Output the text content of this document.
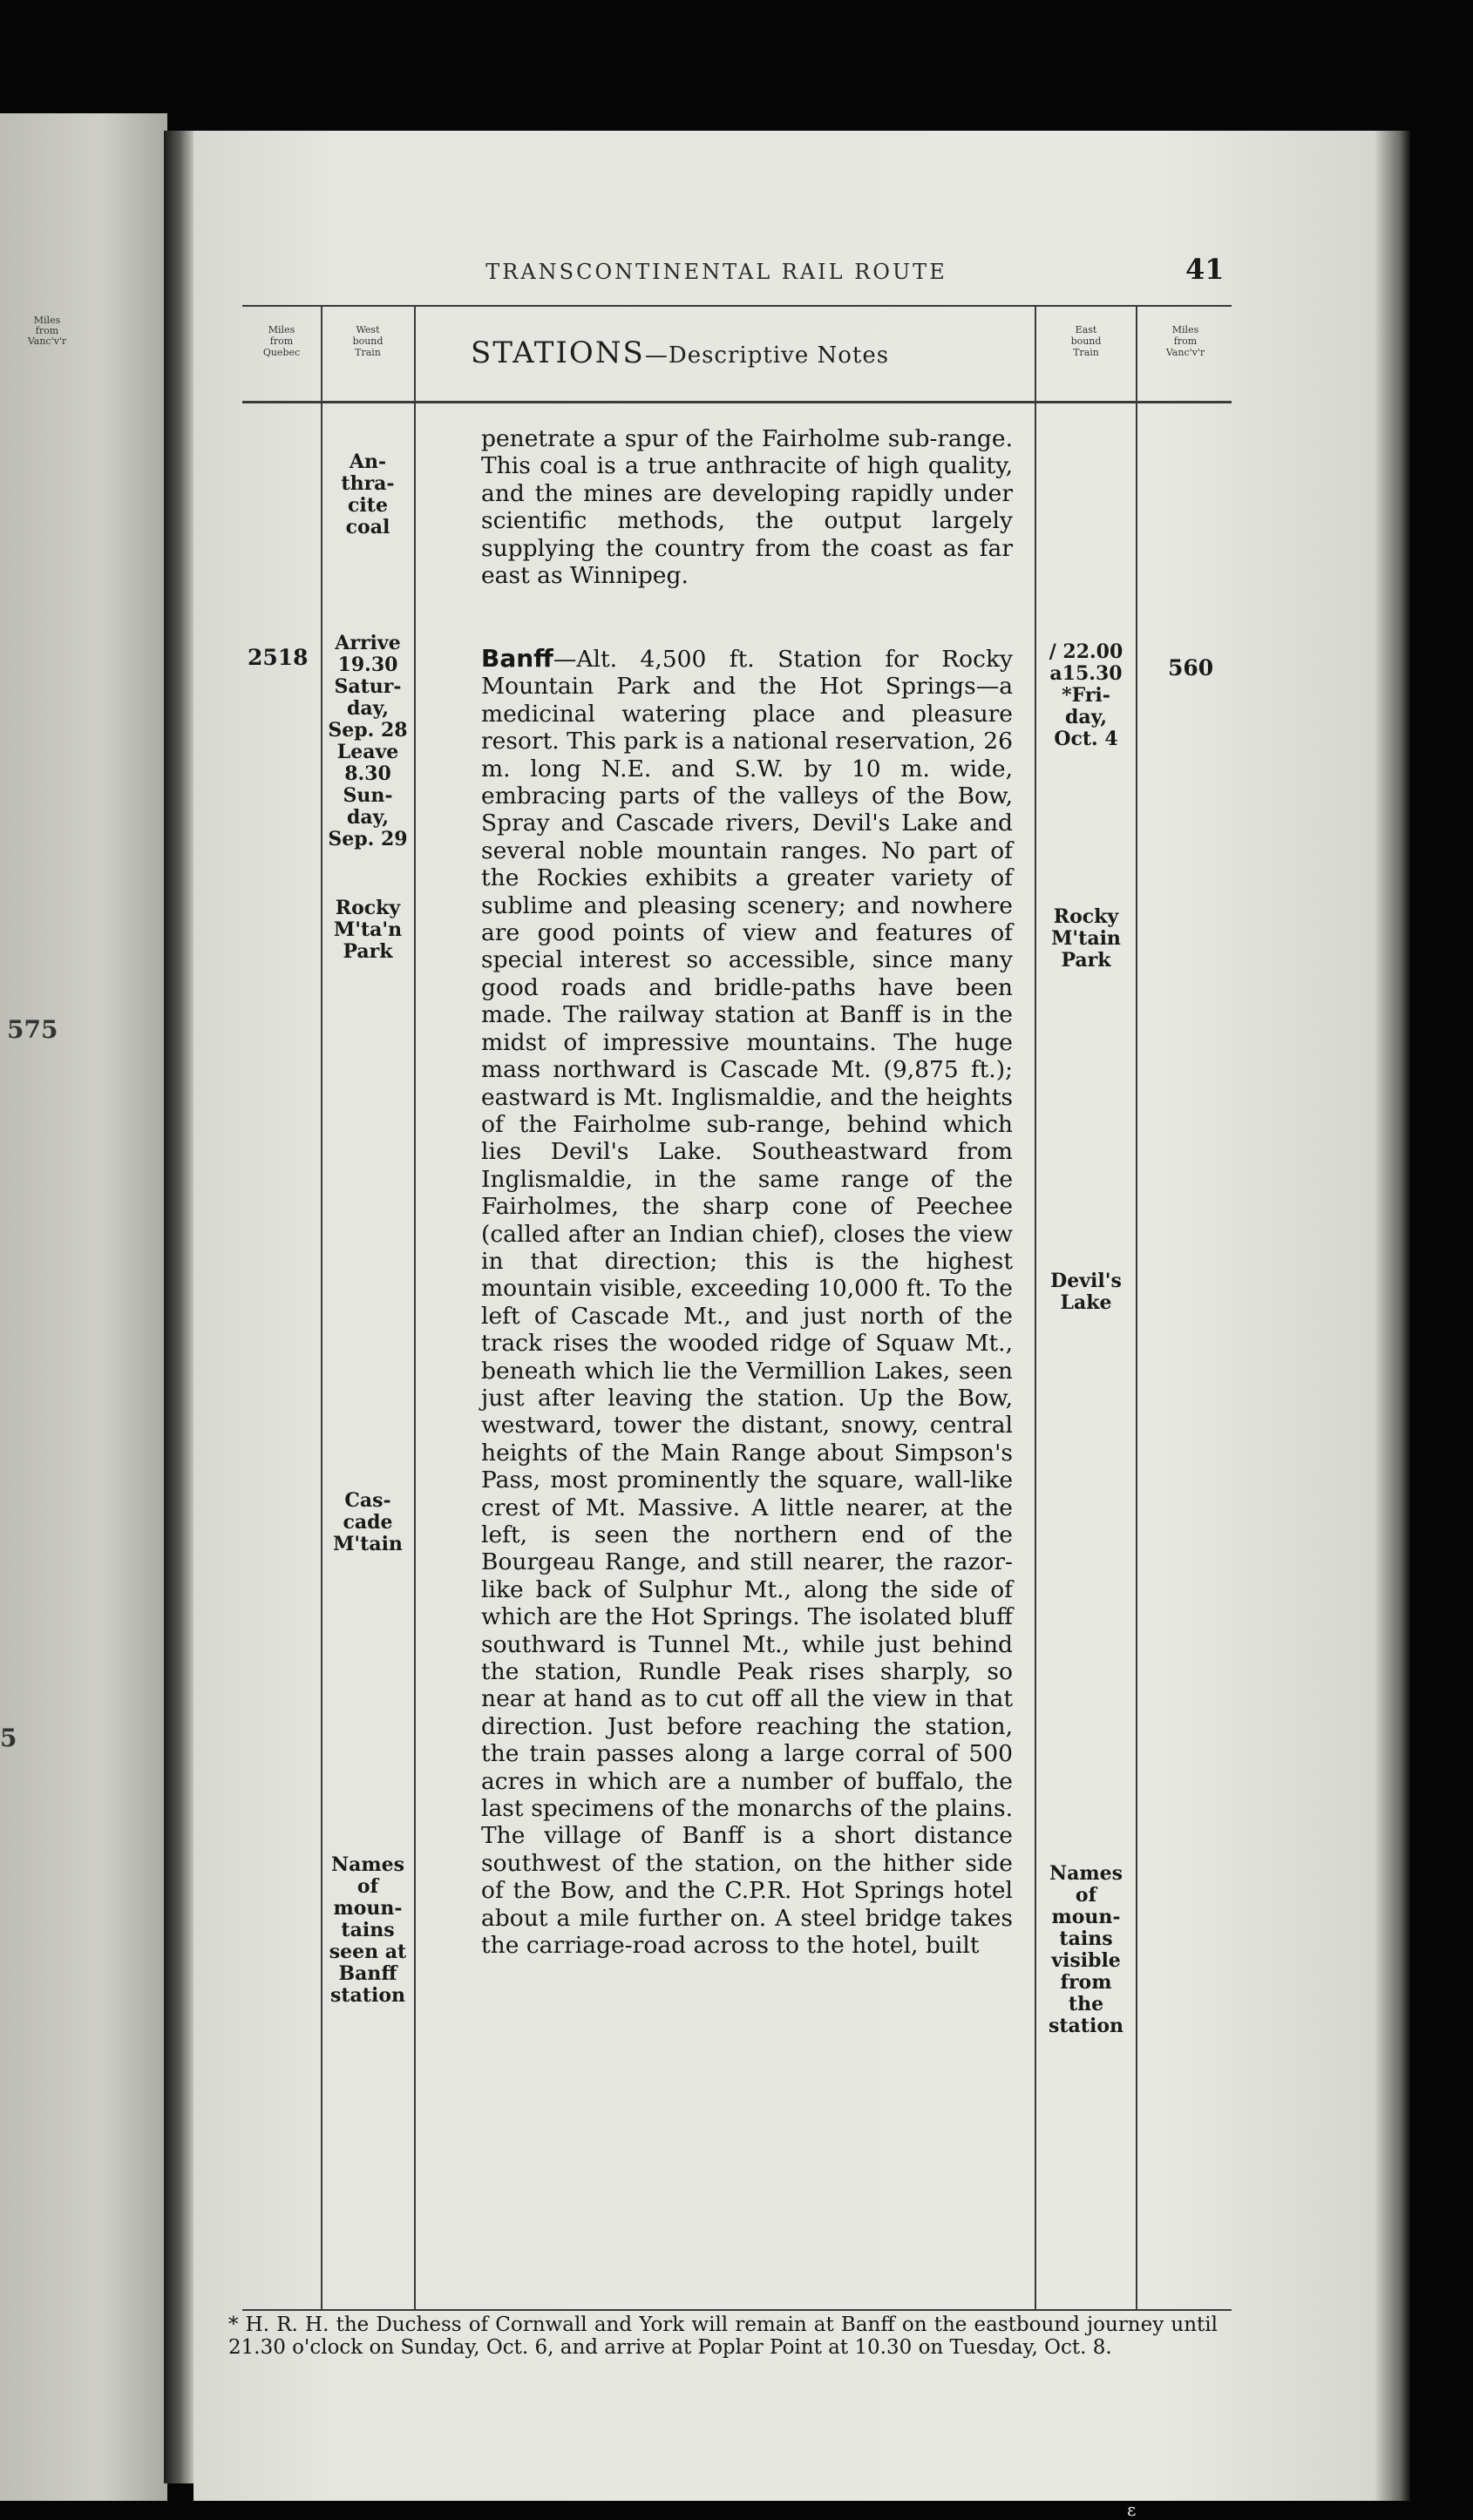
Miles
from
Vanc'v'r
575
5
TRANSCONTINENTAL RAIL ROUTE	41
Miles
from
Quebec
West
bound
Train	STATIONS—Descriptive Notes
East
bound
Train
Miles
from
Vanc'v'r
An-
thra-
cite
coal
2518
Arrive
19.30
Satur-
day,
Sep. 28
Leave
8.30
Sun-
day,
Sep. 29
Rocky
M'ta'n
Park
Cas-
cade
M'tain
Names
of
moun-
tains
seen at
Banff
station
penetrate a spur of the Fairholme sub-range. This coal is a true anthracite of high quality, and the mines are developing rapidly under scientific methods, the output largely supplying the country from the coast as far east as Winnipeg.
Banff—Alt. 4,500 ft. Station for Rocky Mountain Park and the Hot Springs—a medicinal watering place and pleasure resort. This park is a national reservation, 26 m. long N.E. and S.W. by 10 m. wide, embracing parts of the valleys of the Bow, Spray and Cascade rivers, Devil's Lake and several noble mountain ranges. No part of the Rockies exhibits a greater variety of sublime and pleasing scenery; and nowhere are good points of view and features of special interest so accessible, since many good roads and bridle-paths have been made. The railway station at Banff is in the midst of impressive mountains. The huge mass northward is Cascade Mt. (9,875 ft.); eastward is Mt. Inglismaldie, and the heights of the Fairholme sub-range, behind which lies Devil's Lake. Southeastward from Inglismaldie, in the same range of the Fairholmes, the sharp cone of Peechee (called after an Indian chief), closes the view in that direction; this is the highest mountain visible, exceeding 10,000 ft. To the left of Cascade Mt., and just north of the track rises the wooded ridge of Squaw Mt., beneath which lie the Vermillion Lakes, seen just after leaving the station. Up the Bow, westward, tower the distant, snowy, central heights of the Main Range about Simpson's Pass, most prominently the square, wall-like crest of Mt. Massive. A little nearer, at the left, is seen the northern end of the Bourgeau Range, and still nearer, the razor-like back of Sulphur Mt., along the side of which are the Hot Springs. The isolated bluff southward is Tunnel Mt., while just behind the station, Rundle Peak rises sharply, so near at hand as to cut off all the view in that direction. Just before reaching the station, the train passes along a large corral of 500 acres in which are a number of buffalo, the last specimens of the monarchs of the plains. The village of Banff is a short distance southwest of the station, on the hither side of the Bow, and the C.P.R. Hot Springs hotel about a mile further on. A steel bridge takes the carriage-road across to the hotel, built
/ 22.00
a15.30
*Fri-
day,
Oct. 4
560
Rocky
M'tain
Park
Devil's
Lake
Names
of
moun-
tains
visible
from
the
station
* H. R. H. the Duchess of Cornwall and York will remain at Banff on the eastbound journey until 21.30 o'clock on Sunday, Oct. 6, and arrive at Poplar Point at 10.30 on Tuesday, Oct. 8.
ɛ
